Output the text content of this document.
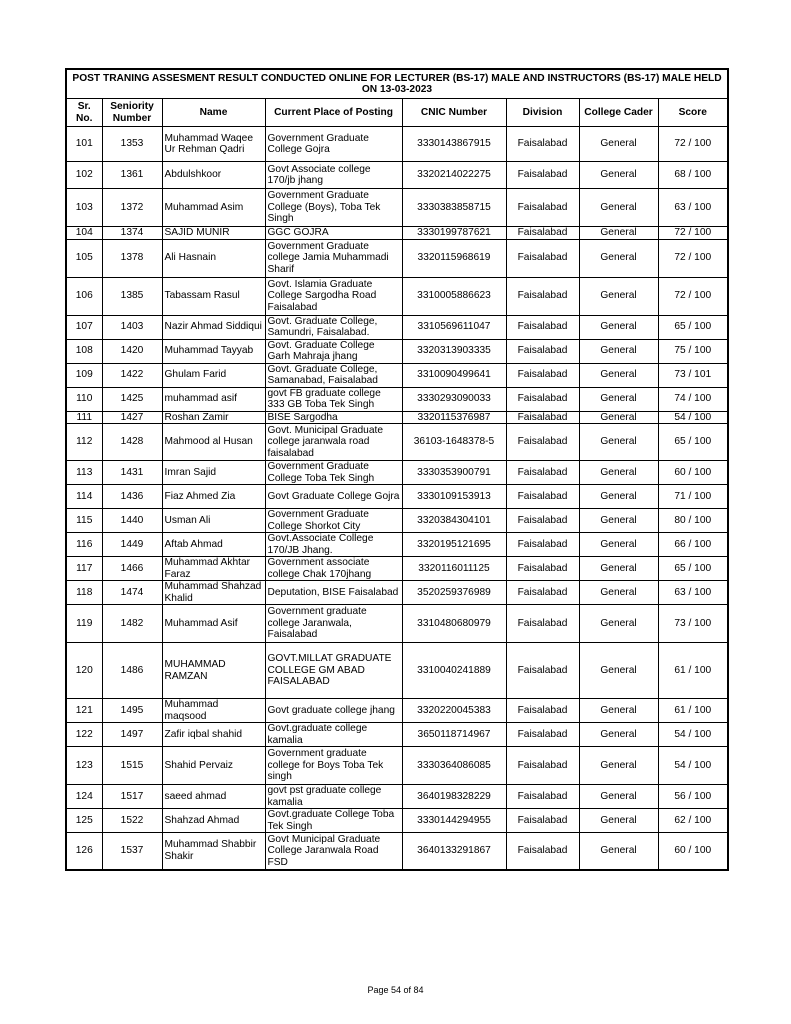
POST TRANING ASSESMENT RESULT CONDUCTED ONLINE FOR LECTURER (BS-17) MALE AND INSTRUCTORS (BS-17) MALE HELD ON 13-03-2023							
Sr. No.	Seniority Number	Name	Current Place of Posting	CNIC Number	Division	College Cader	Score
101	1353	Muhammad Waqee Ur Rehman Qadri	Government Graduate College Gojra	3330143867915	Faisalabad	General	72 / 100
102	1361	Abdulshkoor	Govt Associate college 170/jb jhang	3320214022275	Faisalabad	General	68 / 100
103	1372	Muhammad Asim	Government Graduate College (Boys), Toba Tek Singh	3330383858715	Faisalabad	General	63 / 100
104	1374	SAJID MUNIR	GGC GOJRA	3330199787621	Faisalabad	General	72 / 100
105	1378	Ali Hasnain	Government Graduate college Jamia Muhammadi Sharif	3320115968619	Faisalabad	General	72 / 100
106	1385	Tabassam Rasul	Govt. Islamia Graduate College Sargodha Road Faisalabad	3310005886623	Faisalabad	General	72 / 100
107	1403	Nazir Ahmad Siddiqui	Govt. Graduate College, Samundri, Faisalabad.	3310569611047	Faisalabad	General	65 / 100
108	1420	Muhammad Tayyab	Govt. Graduate College Garh Mahraja jhang	3320313903335	Faisalabad	General	75 / 100
109	1422	Ghulam Farid	Govt. Graduate College, Samanabad, Faisalabad	3310090499641	Faisalabad	General	73 / 101
110	1425	muhammad asif	govt FB graduate college 333 GB Toba Tek Singh	3330293090033	Faisalabad	General	74 / 100
111	1427	Roshan Zamir	BISE Sargodha	3320115376987	Faisalabad	General	54 / 100
112	1428	Mahmood al Husan	Govt. Municipal Graduate college jaranwala road faisalabad	36103-1648378-5	Faisalabad	General	65 / 100
113	1431	Imran Sajid	Government Graduate College Toba Tek Singh	3330353900791	Faisalabad	General	60 / 100
114	1436	Fiaz Ahmed Zia	Govt Graduate College Gojra	3330109153913	Faisalabad	General	71 / 100
115	1440	Usman Ali	Government Graduate College Shorkot City	3320384304101	Faisalabad	General	80 / 100
116	1449	Aftab Ahmad	Govt.Associate College 170/JB Jhang.	3320195121695	Faisalabad	General	66 / 100
117	1466	Muhammad Akhtar Faraz	Government associate college Chak 170jhang	3320116011125	Faisalabad	General	65 / 100
118	1474	Muhammad Shahzad Khalid	Deputation, BISE Faisalabad	3520259376989	Faisalabad	General	63 / 100
119	1482	Muhammad Asif	Government graduate college Jaranwala, Faisalabad	3310480680979	Faisalabad	General	73 / 100
120	1486	MUHAMMAD RAMZAN	GOVT.MILLAT GRADUATE COLLEGE GM ABAD FAISALABAD	3310040241889	Faisalabad	General	61 / 100
121	1495	Muhammad maqsood	Govt graduate college jhang	3320220045383	Faisalabad	General	61 / 100
122	1497	Zafir iqbal shahid	Govt.graduate college kamalia	3650118714967	Faisalabad	General	54 / 100
123	1515	Shahid Pervaiz	Government graduate college for Boys Toba Tek singh	3330364086085	Faisalabad	General	54 / 100
124	1517	saeed ahmad	govt pst graduate college kamalia	3640198328229	Faisalabad	General	56 / 100
125	1522	Shahzad Ahmad	Govt.graduate College Toba Tek Singh	3330144294955	Faisalabad	General	62 / 100
126	1537	Muhammad Shabbir Shakir	Govt Municipal Graduate College Jaranwala Road FSD	3640133291867	Faisalabad	General	60 / 100
Page 54 of 84
